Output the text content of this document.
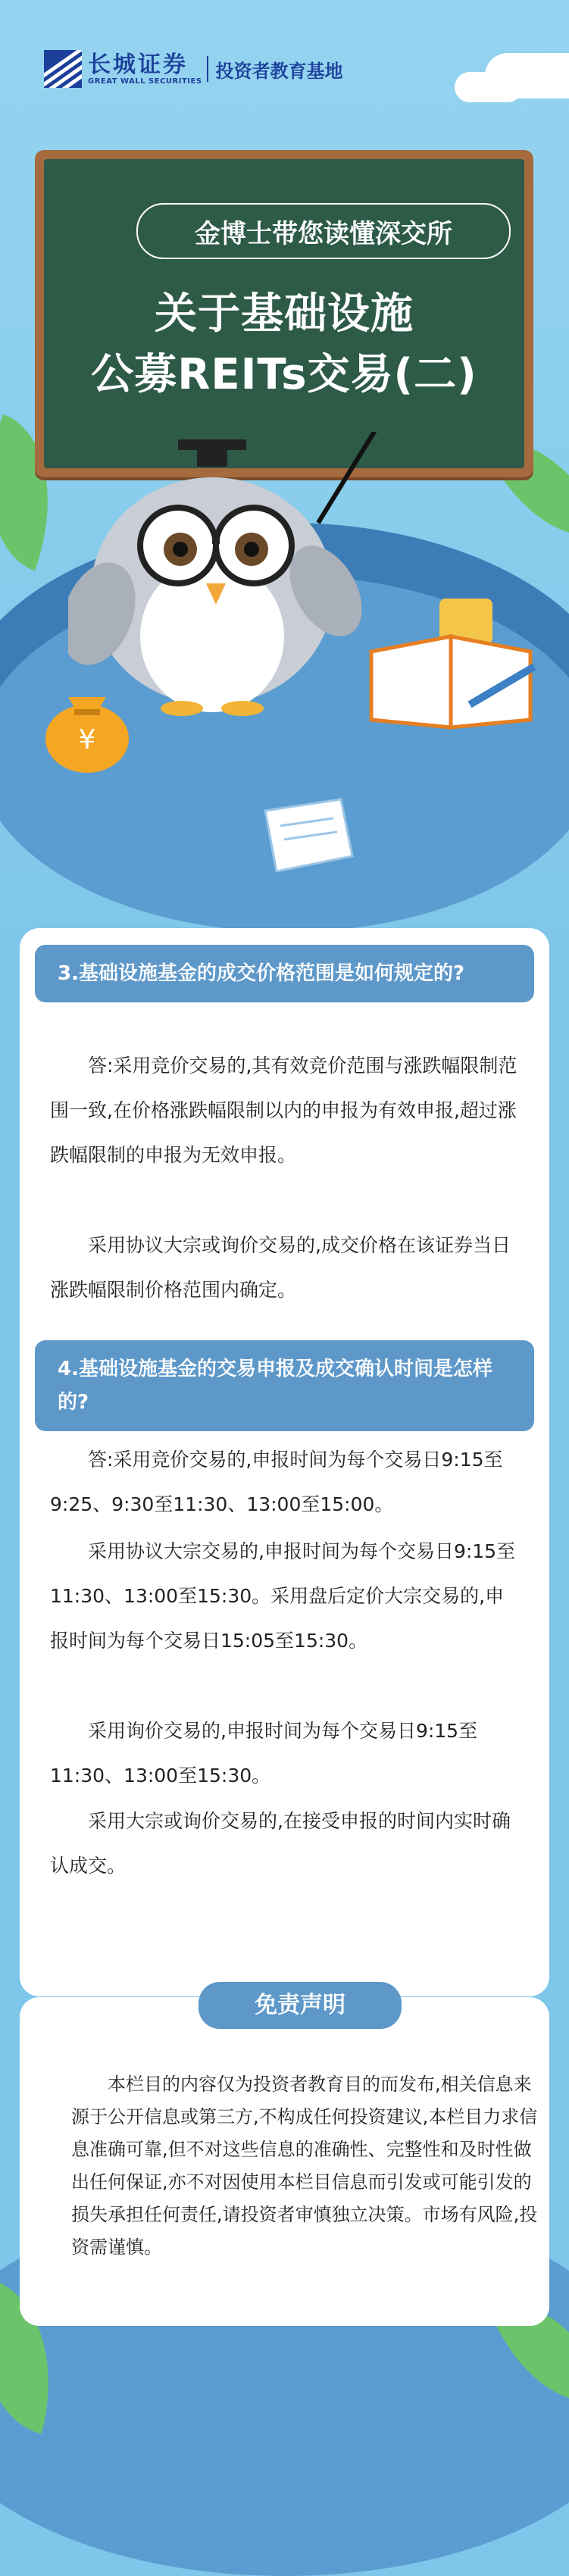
长城证券
GREAT WALL SECURITIES 投资者教育基地
金博士带您读懂深交所
关于基础设施
公募REITs交易(二)
¥
3.基础设施基金的成交价格范围是如何规定的?
答:采用竞价交易的,其有效竞价范围与涨跌幅限制范围一致,在价格涨跌幅限制以内的申报为有效申报,超过涨跌幅限制的申报为无效申报。
采用协议大宗或询价交易的,成交价格在该证券当日涨跌幅限制价格范围内确定。
4.基础设施基金的交易申报及成交确认时间是怎样的?
答:采用竞价交易的,申报时间为每个交易日9:15至9:25、9:30至11:30、13:00至15:00。
采用协议大宗交易的,申报时间为每个交易日9:15至11:30、13:00至15:30。采用盘后定价大宗交易的,申报时间为每个交易日15:05至15:30。
采用询价交易的,申报时间为每个交易日9:15至11:30、13:00至15:30。
采用大宗或询价交易的,在接受申报的时间内实时确认成交。
免责声明
本栏目的内容仅为投资者教育目的而发布,相关信息来源于公开信息或第三方,不构成任何投资建议,本栏目力求信息准确可靠,但不对这些信息的准确性、完整性和及时性做出任何保证,亦不对因使用本栏目信息而引发或可能引发的损失承担任何责任,请投资者审慎独立决策。市场有风险,投资需谨慎。
